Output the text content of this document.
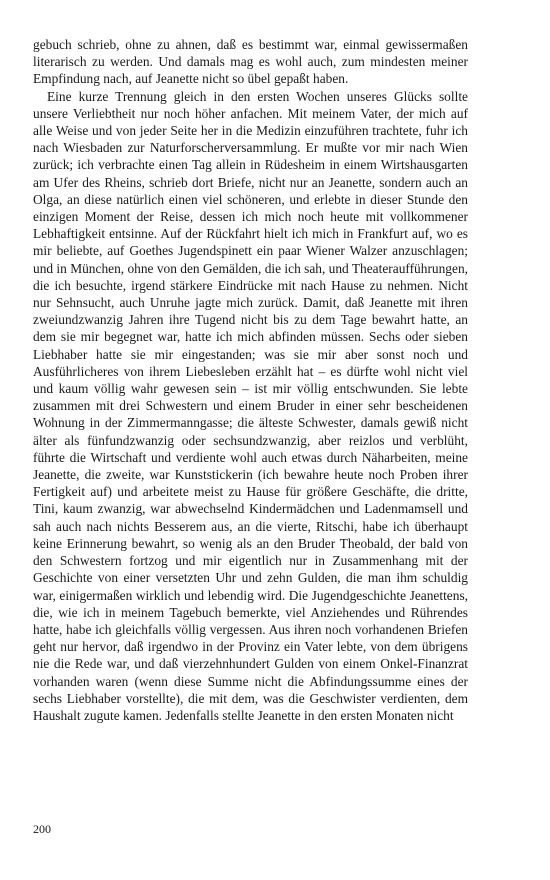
gebuch schrieb, ohne zu ahnen, daß es bestimmt war, einmal gewissermaßen literarisch zu werden. Und damals mag es wohl auch, zum mindesten meiner Empfindung nach, auf Jeanette nicht so übel gepaßt haben.

Eine kurze Trennung gleich in den ersten Wochen unseres Glücks sollte unsere Verliebtheit nur noch höher anfachen. Mit meinem Vater, der mich auf alle Weise und von jeder Seite her in die Medizin einzuführen trachtete, fuhr ich nach Wiesbaden zur Naturforscherversammlung. Er mußte vor mir nach Wien zurück; ich verbrachte einen Tag allein in Rüdesheim in einem Wirtshausgarten am Ufer des Rheins, schrieb dort Briefe, nicht nur an Jeanette, sondern auch an Olga, an diese natürlich einen viel schöneren, und erlebte in dieser Stunde den einzigen Moment der Reise, dessen ich mich noch heute mit vollkommener Lebhaftigkeit entsinne. Auf der Rückfahrt hielt ich mich in Frankfurt auf, wo es mir beliebte, auf Goethes Jugendspinett ein paar Wiener Walzer anzuschlagen; und in München, ohne von den Gemälden, die ich sah, und Theateraufführungen, die ich besuchte, irgend stärkere Eindrücke mit nach Hause zu nehmen. Nicht nur Sehnsucht, auch Unruhe jagte mich zurück. Damit, daß Jeanette mit ihren zweiundzwanzig Jahren ihre Tugend nicht bis zu dem Tage bewahrt hatte, an dem sie mir begegnet war, hatte ich mich abfinden müssen. Sechs oder sieben Liebhaber hatte sie mir eingestanden; was sie mir aber sonst noch und Ausführlicheres von ihrem Liebesleben erzählt hat – es dürfte wohl nicht viel und kaum völlig wahr gewesen sein – ist mir völlig entschwunden. Sie lebte zusammen mit drei Schwestern und einem Bruder in einer sehr bescheidenen Wohnung in der Zimmermanngasse; die älteste Schwester, damals gewiß nicht älter als fünfundzwanzig oder sechsundzwanzig, aber reizlos und verblüht, führte die Wirtschaft und verdiente wohl auch etwas durch Näharbeiten, meine Jeanette, die zweite, war Kunststickerin (ich bewahre heute noch Proben ihrer Fertigkeit auf) und arbeitete meist zu Hause für größere Geschäfte, die dritte, Tini, kaum zwanzig, war abwechselnd Kindermädchen und Ladenmamsell und sah auch nach nichts Besserem aus, an die vierte, Ritschi, habe ich überhaupt keine Erinnerung bewahrt, so wenig als an den Bruder Theobald, der bald von den Schwestern fortzog und mir eigentlich nur in Zusammenhang mit der Geschichte von einer versetzten Uhr und zehn Gulden, die man ihm schuldig war, einigermaßen wirklich und lebendig wird. Die Jugendgeschichte Jeanettens, die, wie ich in meinem Tagebuch bemerkte, viel Anziehendes und Rührendes hatte, habe ich gleichfalls völlig vergessen. Aus ihren noch vorhandenen Briefen geht nur hervor, daß irgendwo in der Provinz ein Vater lebte, von dem übrigens nie die Rede war, und daß vierzehnhundert Gulden von einem Onkel-Finanzrat vorhanden waren (wenn diese Summe nicht die Abfindungssumme eines der sechs Liebhaber vorstellte), die mit dem, was die Geschwister verdienten, dem Haushalt zugute kamen. Jedenfalls stellte Jeanette in den ersten Monaten nicht

200
